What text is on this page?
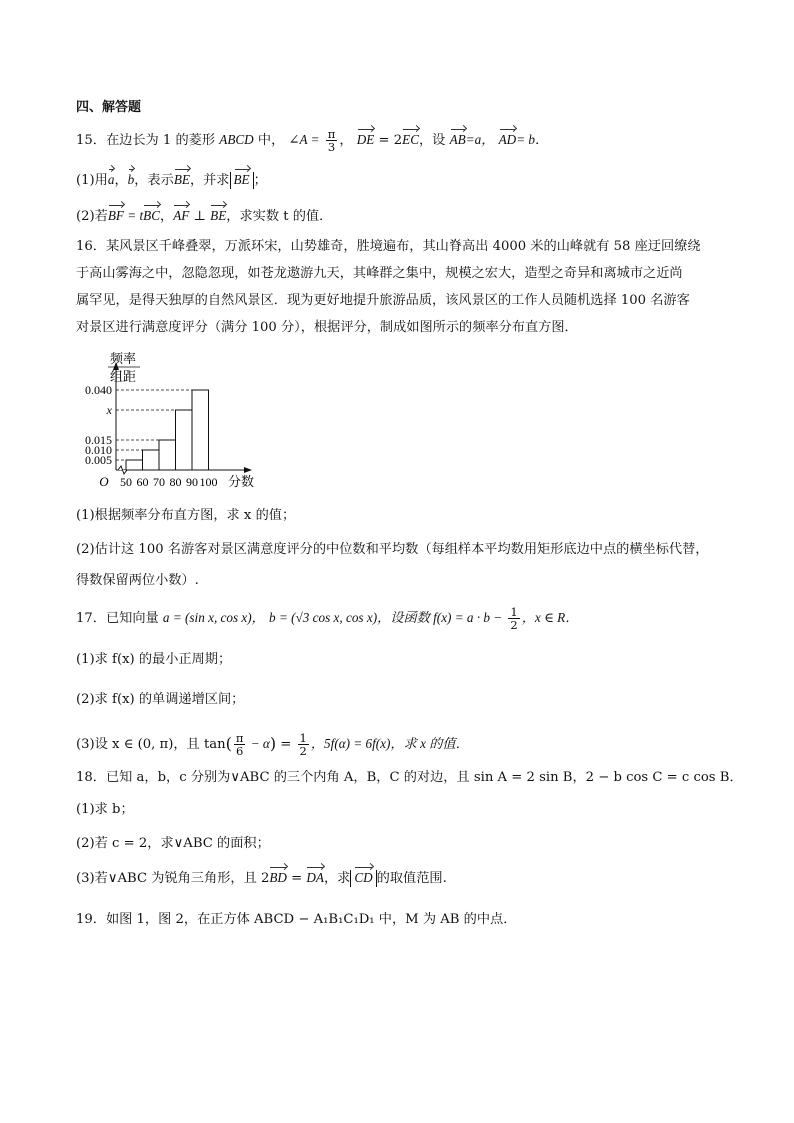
四、解答题
15．在边长为 1 的菱形 ABCD 中， ∠A = $\frac{\pi}{3}$ ， DE = 2EC，设 AB=a， AD= b．
(1)用a，b，表示BE，并求 BE ；
(2)若BF = tBC，AF ⊥ BE，求实数 t 的值．
16．某风景区千峰叠翠，万派环宋，山势雄奇，胜境遍布，其山脊高出 4000 米的山峰就有 58 座迂回缭绕
于高山雾海之中，忽隐忽现，如苍龙遨游九天，其峰群之集中，规模之宏大，造型之奇异和离城市之近尚
属罕见，是得天独厚的自然风景区．现为更好地提升旅游品质，该风景区的工作人员随机选择 100 名游客
对景区进行满意度评分（满分 100 分），根据评分，制成如图所示的频率分布直方图．
0.005
0.010
0.015
x
0.040
50 60 70 80 90 100 分数
O
频率
组距
(1)根据频率分布直方图，求 x 的值；
(2)估计这 100 名游客对景区满意度评分的中位数和平均数（每组样本平均数用矩形底边中点的横坐标代替，
得数保留两位小数）.
17．已知向量 a = (sin x, cos x)， b = (√3 cos x, cos x)，设函数 $f(x) = a \cdot b - \frac{1}{2}$ ，x ∈ R．
(1)求 f(x) 的最小正周期；
(2)求 f(x) 的单调递增区间；
(3)设 x ∈ (0, π)，且 $\tan( \frac{\pi}{6} - \alpha) = \frac{1}{2}$ ，5f(α) = 6f(x)，求 x 的值．
18．已知 a，b，c 分别为∨ABC 的三个内角 A，B，C 的对边，且 sin A = 2 sin B，2 − b cos C = c cos B．
(1)求 b；
(2)若 c = 2，求∨ABC 的面积；
(3)若∨ABC 为锐角三角形，且 2BD = DA，求 CD 的取值范围.
19．如图 1，图 2，在正方体 ABCD − A₁B₁C₁D₁ 中，M 为 AB 的中点．
